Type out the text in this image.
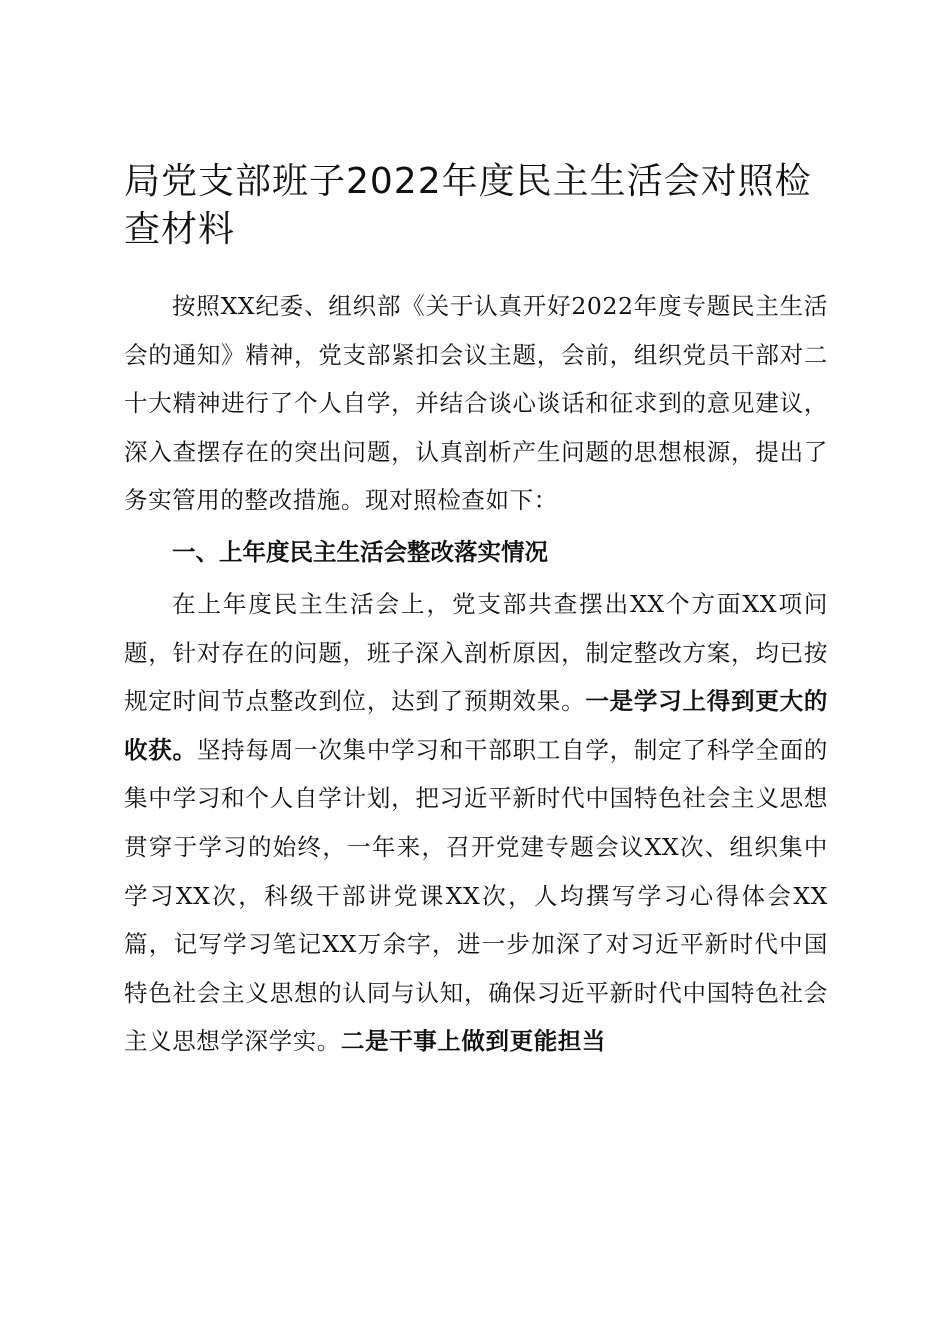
局党支部班子2022年度民主生活会对照检查材料

按照XX纪委、组织部《关于认真开好2022年度专题民主生活会的通知》精神，党支部紧扣会议主题，会前，组织党员干部对二十大精神进行了个人自学，并结合谈心谈话和征求到的意见建议，深入查摆存在的突出问题，认真剖析产生问题的思想根源，提出了务实管用的整改措施。现对照检查如下：

一、上年度民主生活会整改落实情况

在上年度民主生活会上，党支部共查摆出XX个方面XX项问题，针对存在的问题，班子深入剖析原因，制定整改方案，均已按规定时间节点整改到位，达到了预期效果。一是学习上得到更大的收获。坚持每周一次集中学习和干部职工自学，制定了科学全面的集中学习和个人自学计划，把习近平新时代中国特色社会主义思想贯穿于学习的始终，一年来，召开党建专题会议XX次、组织集中学习XX次，科级干部讲党课XX次，人均撰写学习心得体会XX篇，记写学习笔记XX万余字，进一步加深了对习近平新时代中国特色社会主义思想的认同与认知，确保习近平新时代中国特色社会主义思想学深学实。二是干事上做到更能担当
